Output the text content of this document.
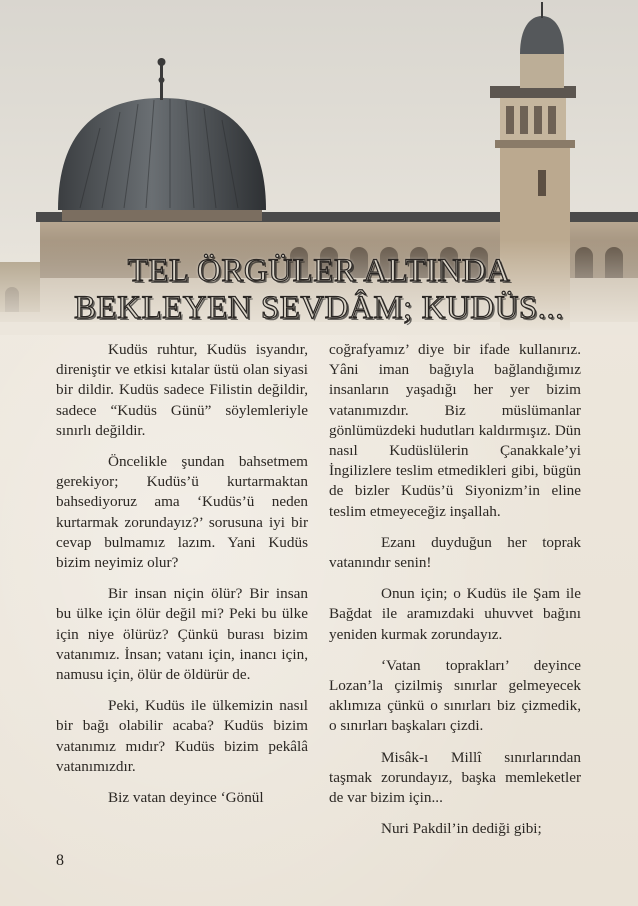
TEL ÖRGÜLER ALTINDA
BEKLEYEN SEVDÂM; KUDÜS...

Kudüs ruhtur, Kudüs isyandır, direniştir ve etkisi kıtalar üstü olan siyasi bir dildir. Kudüs sadece Filistin değildir, sadece “Kudüs Günü” söylemleriyle sınırlı değildir.

Öncelikle şundan bahsetmem gerekiyor; Kudüs’ü kurtarmaktan bahsediyoruz ama ‘Kudüs’ü neden kurtarmak zorundayız?’ sorusuna iyi bir cevap bulmamız lazım. Yani Kudüs bizim neyimiz olur?

Bir insan niçin ölür? Bir insan bu ülke için ölür değil mi? Peki bu ülke için niye ölürüz? Çünkü burası bizim vatanımız. İnsan; vatanı için, inancı için, namusu için, ölür de öldürür de.

Peki, Kudüs ile ülkemizin nasıl bir bağı olabilir acaba? Kudüs bizim vatanımız mıdır? Kudüs bizim pekâlâ vatanımızdır.

Biz vatan deyince ‘Gönül

coğrafyamız’ diye bir ifade kullanırız. Yâni iman bağıyla bağlandığımız insanların yaşadığı her yer bizim vatanımızdır. Biz müslümanlar gönlümüzdeki hudutları kaldırmışız. Dün nasıl Kudüslülerin Çanakkale’yi İngilizlere teslim etmedikleri gibi, bügün de bizler Kudüs’ü Siyonizm’in eline teslim etmeyeceğiz inşallah.

Ezanı duyduğun her toprak vatanındır senin!

Onun için; o Kudüs ile Şam ile Bağdat ile aramızdaki uhuvvet bağını yeniden kurmak zorundayız.

‘Vatan toprakları’ deyince Lozan’la çizilmiş sınırlar gelmeyecek aklımıza çünkü o sınırları biz çizmedik, o sınırları başkaları çizdi.

Misâk-ı Millî sınırlarından taşmak zorundayız, başka memleketler de var bizim için...

Nuri Pakdil’in dediği gibi;

8
